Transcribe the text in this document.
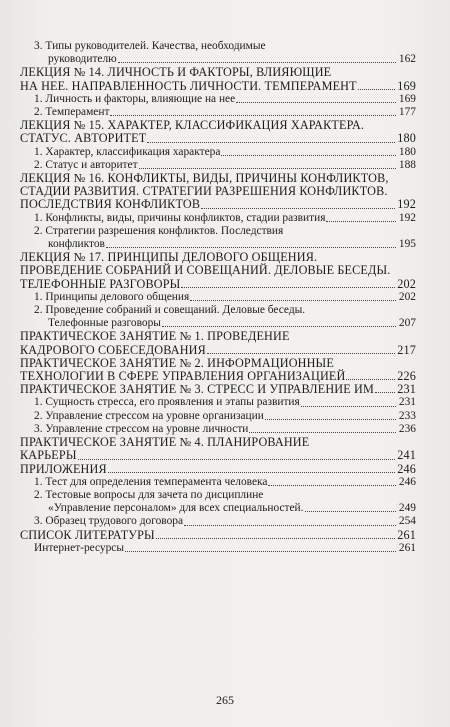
3. Типы руководителей. Качества, необходимые
руководителю	162
ЛЕКЦИЯ № 14. ЛИЧНОСТЬ И ФАКТОРЫ, ВЛИЯЮЩИЕ
НА НЕЕ. НАПРАВЛЕННОСТЬ ЛИЧНОСТИ. ТЕМПЕРАМЕНТ	169
1. Личность и факторы, влияющие на нее	169
2. Темперамент	177
ЛЕКЦИЯ № 15. ХАРАКТЕР, КЛАССИФИКАЦИЯ ХАРАКТЕРА.
СТАТУС. АВТОРИТЕТ	180
1. Характер, классификация характера	180
2. Статус и авторитет	188
ЛЕКЦИЯ № 16. КОНФЛИКТЫ, ВИДЫ, ПРИЧИНЫ КОНФЛИКТОВ,
СТАДИИ РАЗВИТИЯ. СТРАТЕГИИ РАЗРЕШЕНИЯ КОНФЛИКТОВ.
ПОСЛЕДСТВИЯ КОНФЛИКТОВ	192
1. Конфликты, виды, причины конфликтов, стадии развития	192
2. Стратегии разрешения конфликтов. Последствия
конфликтов	195
ЛЕКЦИЯ № 17. ПРИНЦИПЫ ДЕЛОВОГО ОБЩЕНИЯ.
ПРОВЕДЕНИЕ СОБРАНИЙ И СОВЕЩАНИЙ. ДЕЛОВЫЕ БЕСЕДЫ.
ТЕЛЕФОННЫЕ РАЗГОВОРЫ	202
1. Принципы делового общения	202
2. Проведение собраний и совещаний. Деловые беседы.
Телефонные разговоры	207
ПРАКТИЧЕСКОЕ ЗАНЯТИЕ № 1. ПРОВЕДЕНИЕ
КАДРОВОГО СОБЕСЕДОВАНИЯ	217
ПРАКТИЧЕСКОЕ ЗАНЯТИЕ № 2. ИНФОРМАЦИОННЫЕ
ТЕХНОЛОГИИ В СФЕРЕ УПРАВЛЕНИЯ ОРГАНИЗАЦИЕЙ	226
ПРАКТИЧЕСКОЕ ЗАНЯТИЕ № 3. СТРЕСС И УПРАВЛЕНИЕ ИМ 231
1. Сущность стресса, его проявления и этапы развития	231
2. Управление стрессом на уровне организации	233
3. Управление стрессом на уровне личности	236
ПРАКТИЧЕСКОЕ ЗАНЯТИЕ № 4. ПЛАНИРОВАНИЕ
КАРЬЕРЫ	241
ПРИЛОЖЕНИЯ	246
1. Тест для определения темперамента человека	246
2. Тестовые вопросы для зачета по дисциплине
«Управление персоналом» для всех специальностей.	249
3. Образец трудового договора	254
СПИСОК ЛИТЕРАТУРЫ	261
Интернет-ресурсы	261
265
